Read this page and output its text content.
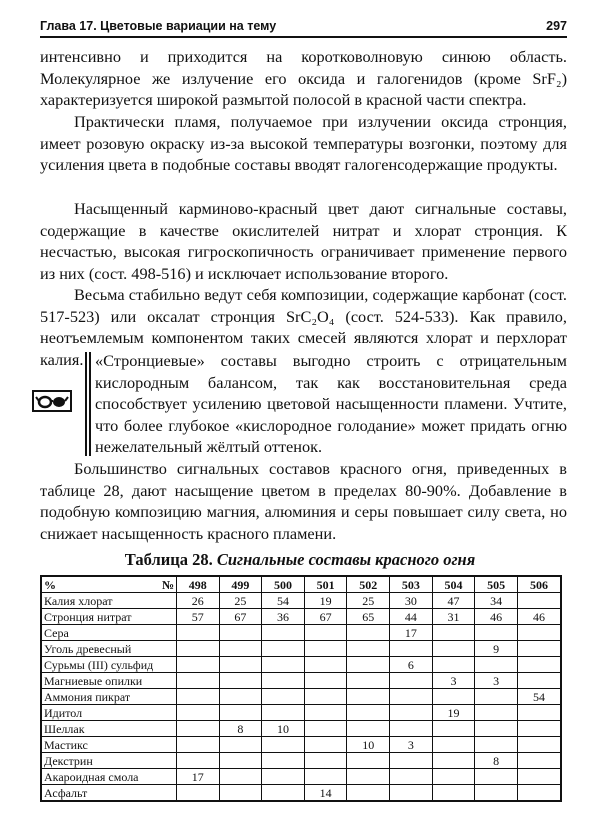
Глава 17. Цветовые вариации на тему	297

интенсивно и приходится на коротковолновую синюю область. Молекулярное же излучение его оксида и галогенидов (кроме SrF₂) характеризуется широкой размытой полосой в красной части спектра.

Практически пламя, получаемое при излучении оксида стронция, имеет розовую окраску из-за высокой температуры возгонки, поэтому для усиления цвета в подобные составы вводят галогенсодержащие продукты.

Насыщенный карминово-красный цвет дают сигнальные составы, содержащие в качестве окислителей нитрат и хлорат стронция. К несчастью, высокая гигроскопичность ограничивает применение первого из них (сост. 498-516) и исключает использование второго.

Весьма стабильно ведут себя композиции, содержащие карбонат (сост. 517-523) или оксалат стронция SrC₂O₄ (сост. 524-533). Как правило, неотъемлемым компонентом таких смесей являются хлорат и перхлорат калия. «Стронциевые» составы выгодно строить с отрицательным кислородным балансом, так как восстановительная среда способствует усилению цветовой насыщенности пламени. Учтите, что более глубокое «кислородное голодание» может придать огню нежелательный жёлтый оттенок.

Большинство сигнальных составов красного огня, приведенных в таблице 28, дают насыщение цветом в пределах 80-90%. Добавление в подобную композицию магния, алюминия и серы повышает силу света, но снижает насыщенность красного пламени.

Таблица 28. Сигнальные составы красного огня
% №	498	499	500	501	502	503	504	505	506
Калия хлорат	26	25	54	19	25	30	47	34	
Стронция нитрат	57	67	36	67	65	44	31	46	46
Сера						17			
Уголь древесный								9	
Сурьмы (III) сульфид						6			
Магниевые опилки							3	3	
Аммония пикрат									54
Идитол							19		
Шеллак		8	10						
Мастикс					10	3			
Декстрин								8	
Акароидная смола	17								
Асфальт				14					
